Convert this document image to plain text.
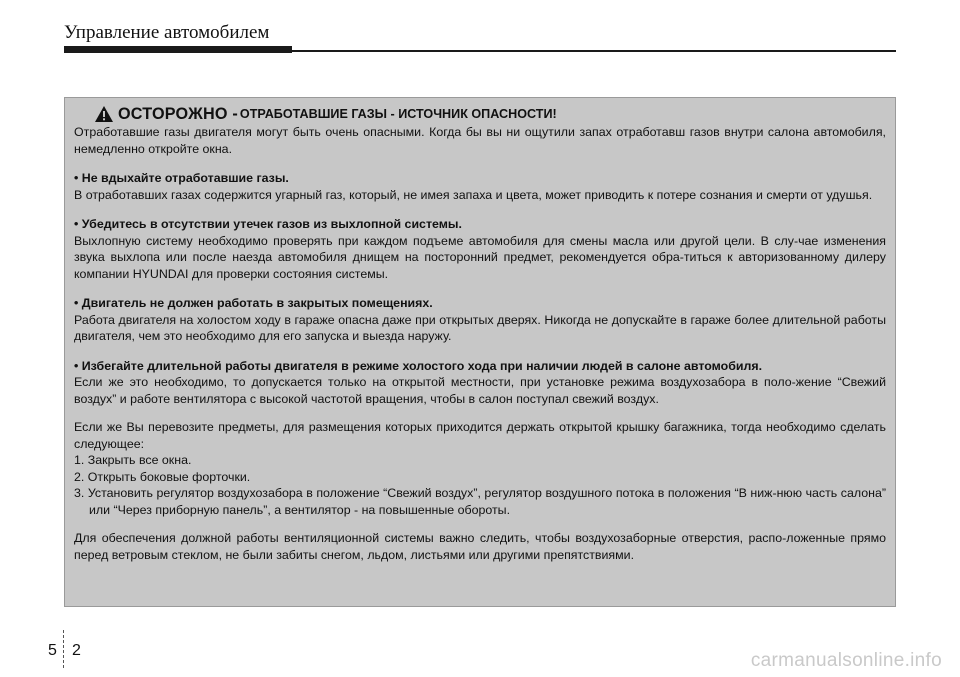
Управление автомобилем
ОСТОРОЖНО - ОТРАБОТАВШИЕ ГАЗЫ - ИСТОЧНИК ОПАСНОСТИ!

Отработавшие газы двигателя могут быть очень опасными. Когда бы вы ни ощутили запах отработавш газов внутри салона автомобиля, немедленно откройте окна.

• Не вдыхайте отработавшие газы.

В отработавших газах содержится угарный газ, который, не имея запаха и цвета, может приводить к потере сознания и смерти от удушья.

• Убедитесь в отсутствии утечек газов из выхлопной системы.

Выхлопную систему необходимо проверять при каждом подъеме автомобиля для смены масла или другой цели. В слу-чае изменения звука выхлопа или после наезда автомобиля днищем на посторонний предмет, рекомендуется обра-титься к авторизованному дилеру компании HYUNDAI для проверки состояния системы.

• Двигатель не должен работать в закрытых помещениях.

Работа двигателя на холостом ходу в гараже опасна даже при открытых дверях. Никогда не допускайте в гараже более длительной работы двигателя, чем это необходимо для его запуска и выезда наружу.

• Избегайте длительной работы двигателя в режиме холостого хода при наличии людей в салоне автомобиля.

Если же это необходимо, то допускается только на открытой местности, при установке режима воздухозабора в поло-жение “Свежий воздух” и работе вентилятора с высокой частотой вращения, чтобы в салон поступал свежий воздух.

Если же Вы перевозите предметы, для размещения которых приходится держать открытой крышку багажника, тогда необходимо сделать следующее:

1. Закрыть все окна.

2. Открыть боковые форточки.

3. Установить регулятор воздухозабора в положение “Свежий воздух”, регулятор воздушного потока в положения “В ниж-нюю часть салона” или “Через приборную панель”, а вентилятор - на повышенные обороты.

Для обеспечения должной работы вентиляционной системы важно следить, чтобы воздухозаборные отверстия, распо-ложенные прямо перед ветровым стеклом, не были забиты снегом, льдом, листьями или другими препятствиями.

5 2	carmanualsonline.info
